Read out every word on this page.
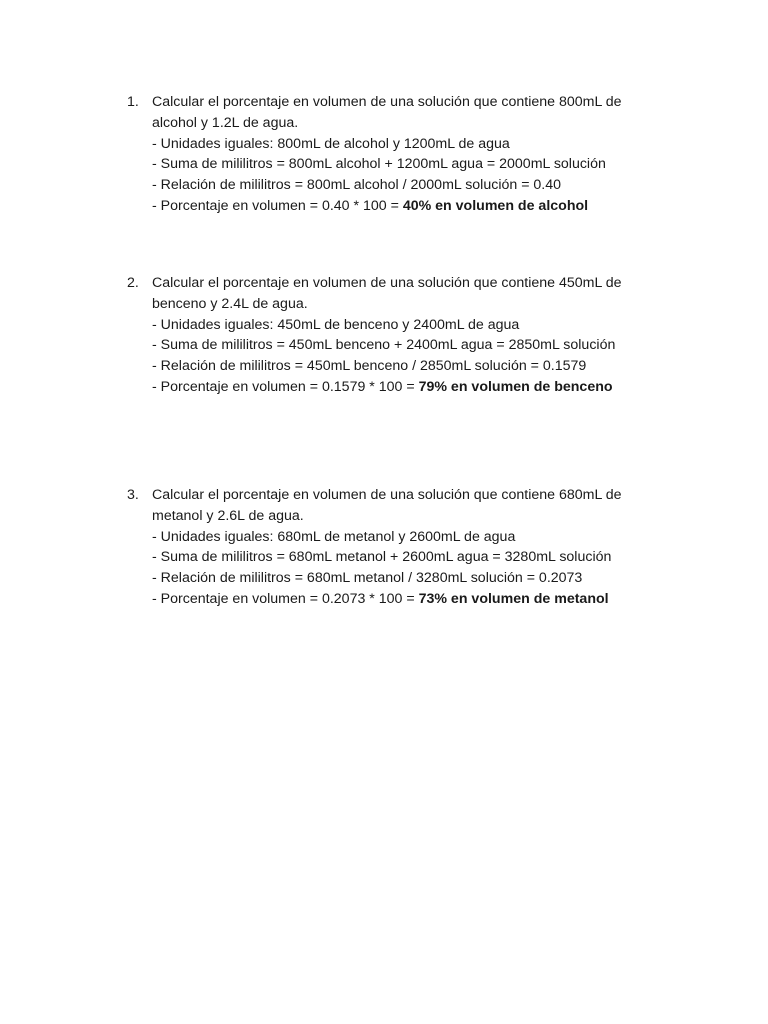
1. Calcular el porcentaje en volumen de una solución que contiene 800mL de alcohol y 1.2L de agua.

- Unidades iguales: 800mL de alcohol y 1200mL de agua

- Suma de mililitros = 800mL alcohol + 1200mL agua = 2000mL solución

- Relación de mililitros = 800mL alcohol / 2000mL solución = 0.40

- Porcentaje en volumen = 0.40 * 100 = 40% en volumen de alcohol

2. Calcular el porcentaje en volumen de una solución que contiene 450mL de benceno y 2.4L de agua.

- Unidades iguales: 450mL de benceno y 2400mL de agua

- Suma de mililitros = 450mL benceno + 2400mL agua = 2850mL solución

- Relación de mililitros = 450mL benceno / 2850mL solución = 0.1579

- Porcentaje en volumen = 0.1579 * 100 = 79% en volumen de benceno

3. Calcular el porcentaje en volumen de una solución que contiene 680mL de metanol y 2.6L de agua.

- Unidades iguales: 680mL de metanol y 2600mL de agua

- Suma de mililitros = 680mL metanol + 2600mL agua = 3280mL solución

- Relación de mililitros = 680mL metanol / 3280mL solución = 0.2073

- Porcentaje en volumen = 0.2073 * 100 = 73% en volumen de metanol
